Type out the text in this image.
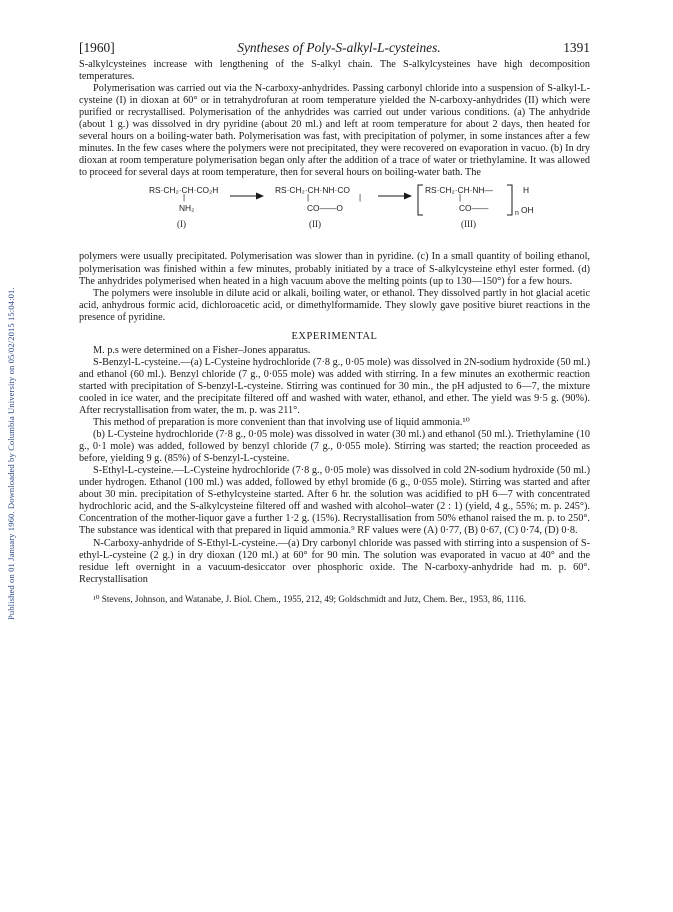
Published on 01 January 1960. Downloaded by Columbia University on 05/02/2015 15:04:01.
[1960]	Syntheses of Poly-S-alkyl-L-cysteines.	1391

S-alkylcysteines increase with lengthening of the S-alkyl chain. The S-alkylcysteines have high decomposition temperatures.

Polymerisation was carried out via the N-carboxy-anhydrides. Passing carbonyl chloride into a suspension of S-alkyl-L-cysteine (I) in dioxan at 60° or in tetrahydrofuran at room temperature yielded the N-carboxy-anhydrides (II) which were purified or recrystallised. Polymerisation of the anhydrides was carried out under various conditions. (a) The anhydride (about 1 g.) was dissolved in dry pyridine (about 20 ml.) and left at room temperature for about 2 days, then heated for several hours on a boiling-water bath. Polymerisation was fast, with precipitation of polymer, in some instances after a few minutes. In the few cases where the polymers were not precipitated, they were recovered on evaporation in vacuo. (b) In dry dioxan at room temperature polymerisation began only after the addition of a trace of water or triethylamine. It was allowed to proceed for several days at room temperature, then for several hours on boiling-water bath. The

RS·CH₂·CH·CO₂H
|
NH₂
(I)
RS·CH₂·CH·NH·CO
|	|
CO——O
(II)
RS·CH₂·CH·NH—
|
CO——
n OH
H
(III)

polymers were usually precipitated. Polymerisation was slower than in pyridine. (c) In a small quantity of boiling ethanol, polymerisation was finished within a few minutes, probably initiated by a trace of S-alkylcysteine ethyl ester formed. (d) The anhydrides polymerised when heated in a high vacuum above the melting points (up to 130—150°) for a few hours.

The polymers were insoluble in dilute acid or alkali, boiling water, or ethanol. They dissolved partly in hot glacial acetic acid, anhydrous formic acid, dichloroacetic acid, or dimethylformamide. They slowly gave positive biuret reactions in the presence of pyridine.

EXPERIMENTAL

M. p.s were determined on a Fisher–Jones apparatus.

S-Benzyl-L-cysteine.—(a) L-Cysteine hydrochloride (7·8 g., 0·05 mole) was dissolved in 2N-sodium hydroxide (50 ml.) and ethanol (60 ml.). Benzyl chloride (7 g., 0·055 mole) was added with stirring. In a few minutes an exothermic reaction started with precipitation of S-benzyl-L-cysteine. Stirring was continued for 30 min., the pH adjusted to 6—7, the mixture cooled in ice water, and the precipitate filtered off and washed with water, ethanol, and ether. The yield was 9·5 g. (90%). After recrystallisation from water, the m. p. was 211°.

This method of preparation is more convenient than that involving use of liquid ammonia.¹⁰

(b) L-Cysteine hydrochloride (7·8 g., 0·05 mole) was dissolved in water (30 ml.) and ethanol (50 ml.). Triethylamine (10 g., 0·1 mole) was added, followed by benzyl chloride (7 g., 0·055 mole). Stirring was started; the reaction proceeded as before, yielding 9 g. (85%) of S-benzyl-L-cysteine.

S-Ethyl-L-cysteine.—L-Cysteine hydrochloride (7·8 g., 0·05 mole) was dissolved in cold 2N-sodium hydroxide (50 ml.) under hydrogen. Ethanol (100 ml.) was added, followed by ethyl bromide (6 g., 0·055 mole). Stirring was started and after about 30 min. precipitation of S-ethylcysteine started. After 6 hr. the solution was acidified to pH 6—7 with concentrated hydrochloric acid, and the S-alkylcysteine filtered off and washed with alcohol–water (2 : 1) (yield, 4 g., 55%; m. p. 245°). Concentration of the mother-liquor gave a further 1·2 g. (15%). Recrystallisation from 50% ethanol raised the m. p. to 250°. The substance was identical with that prepared in liquid ammonia.⁹ RF values were (A) 0·77, (B) 0·67, (C) 0·74, (D) 0·8.

N-Carboxy-anhydride of S-Ethyl-L-cysteine.—(a) Dry carbonyl chloride was passed with stirring into a suspension of S-ethyl-L-cysteine (2 g.) in dry dioxan (120 ml.) at 60° for 90 min. The solution was evaporated in vacuo at 40° and the residue left overnight in a vacuum-desiccator over phosphoric oxide. The N-carboxy-anhydride had m. p. 60°. Recrystallisation

¹⁰ Stevens, Johnson, and Watanabe, J. Biol. Chem., 1955, 212, 49; Goldschmidt and Jutz, Chem. Ber., 1953, 86, 1116.
